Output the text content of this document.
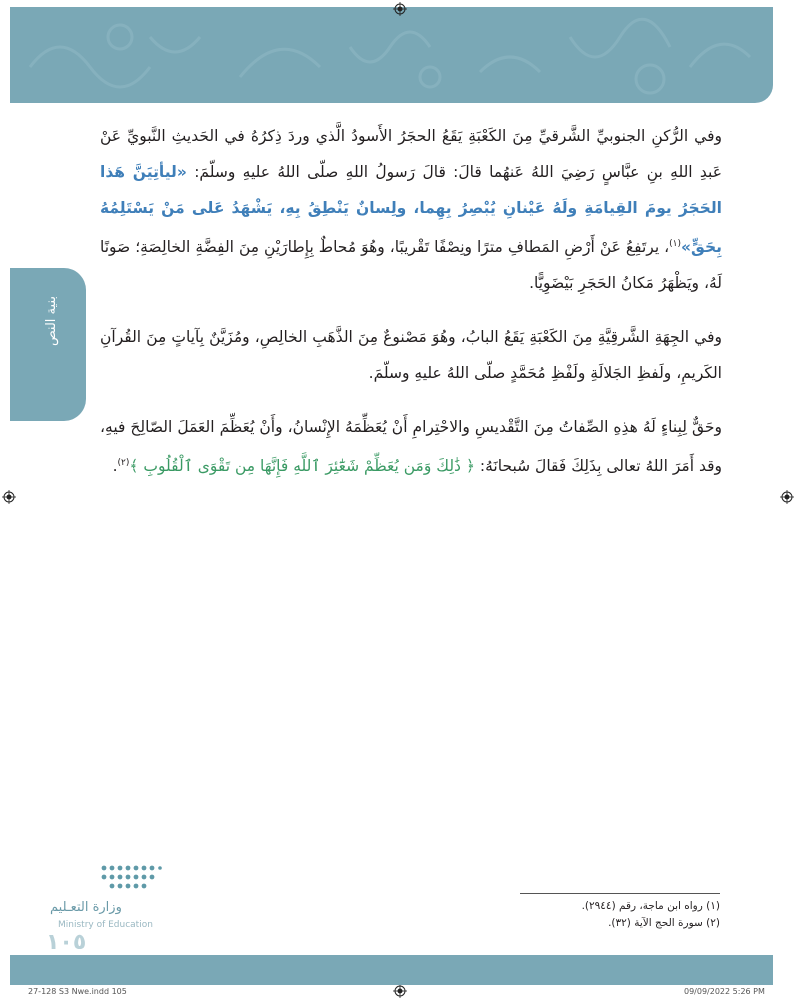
بنية النص

وفي الرُّكنِ الجنوبيِّ الشَّرقيِّ مِنَ الكَعْبَةِ يَقَعُ الحجَرُ الأَسودُ الَّذي وردَ ذِكرُهُ في الحَديثِ النَّبويِّ عَنْ عَبدِ اللهِ بنِ عبَّاسٍ رَضِيَ اللهُ عَنهُما قالَ: قالَ رَسولُ اللهِ صلّى اللهُ عليهِ وسلّمَ: «ليأتِيَنَّ هَذا الحَجَرُ يومَ القِيامَةِ ولَهُ عَيْنانِ يُبْصِرُ بِهِما، ولِسانٌ يَنْطِقُ بِهِ، يَشْهَدُ عَلى مَنْ يَسْتَلِمُهُ بِحَقٍّ»$^{(١)}$، يرتَفِعُ عَنْ أَرْضِ المَطافِ مترًا ونِصْفًا تَقْريبًا، وهُوَ مُحاطٌ بِإِطارَيْنِ مِنَ الفِضَّةِ الخالِصَةِ؛ صَونًا لَهُ، ويَظْهَرُ مَكانُ الحَجَرِ بَيْضَوِيًّا.

وفي الجِهَةِ الشَّرقِيَّةِ مِنَ الكَعْبَةِ يَقَعُ البابُ، وهُوَ مَصْنوعٌ مِنَ الذَّهَبِ الخالِصِ، ومُزَيَّنٌ بِآياتٍ مِنَ القُرآنِ الكَريمِ، ولَفظِ الجَلالَةِ ولَفْظِ مُحَمَّدٍ صلّى اللهُ عليهِ وسلّمَ.

وحَقٌّ لِبِناءٍ لَهُ هذِهِ الصِّفاتُ مِنَ التَّقْديسِ والاحْتِرامِ أَنْ يُعَظِّمَهُ الإِنْسانُ، وأَنْ يُعَظِّمَ العَمَلَ الصّالِحَ فيهِ، وقد أَمَرَ اللهُ تعالى بِذَلِكَ فَقالَ سُبحانَهُ: ﴿ ذَٰلِكَ وَمَن يُعَظِّمْ شَعَٰٓئِرَ ٱللَّهِ فَإِنَّهَا مِن تَقْوَى ٱلْقُلُوبِ ﴾$^{(٢)}$.

وزارة التعـليم
Ministry of Education
١٠٥
(١) رواه ابن ماجة، رقم (٢٩٤٤).
(٢) سورة الحج الآية (٣٢).
27-128 S3 Nwe.indd 105	09/09/2022 5:26 PM
